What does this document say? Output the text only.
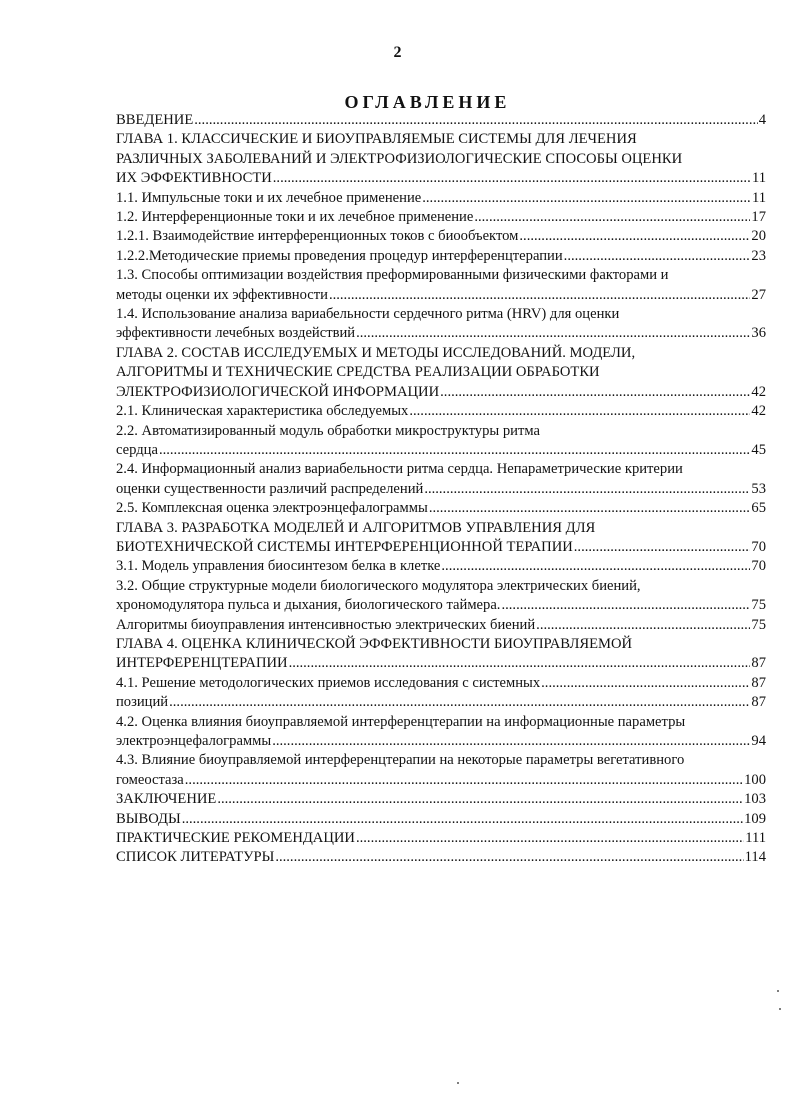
2
ОГЛАВЛЕНИЕ
ВВЕДЕНИЕ .....	4
ГЛАВА 1. КЛАССИЧЕСКИЕ И БИОУПРАВЛЯЕМЫЕ СИСТЕМЫ ДЛЯ ЛЕЧЕНИЯ
РАЗЛИЧНЫХ ЗАБОЛЕВАНИЙ И ЭЛЕКТРОФИЗИОЛОГИЧЕСКИЕ СПОСОБЫ ОЦЕНКИ
ИХ ЭФФЕКТИВНОСТИ .....	11
1.1. Импульсные токи и их лечебное применение .....	11
1.2. Интерференционные токи и их лечебное применение .....	17
1.2.1. Взаимодействие интерференционных токов с биообъектом .....	20
1.2.2.Методические приемы проведения процедур интерференцтерапии .....	23
1.3. Способы оптимизации воздействия преформированными физическими факторами и
методы оценки их эффективности .....	27
1.4. Использование анализа вариабельности сердечного ритма (HRV) для оценки
эффективности лечебных воздействий .....	36
ГЛАВА 2. СОСТАВ ИССЛЕДУЕМЫХ И МЕТОДЫ ИССЛЕДОВАНИЙ. МОДЕЛИ,
АЛГОРИТМЫ И ТЕХНИЧЕСКИЕ СРЕДСТВА РЕАЛИЗАЦИИ ОБРАБОТКИ
ЭЛЕКТРОФИЗИОЛОГИЧЕСКОЙ ИНФОРМАЦИИ .....	42
2.1. Клиническая характеристика обследуемых .....	42
2.2. Автоматизированный модуль обработки микроструктуры ритма
сердца .....	45
2.4. Информационный анализ вариабельности ритма сердца. Непараметрические критерии
оценки существенности различий распределений .....	53
2.5. Комплексная оценка электроэнцефалограммы .....	65
ГЛАВА 3. РАЗРАБОТКА МОДЕЛЕЙ И АЛГОРИТМОВ УПРАВЛЕНИЯ ДЛЯ
БИОТЕХНИЧЕСКОЙ СИСТЕМЫ ИНТЕРФЕРЕНЦИОННОЙ ТЕРАПИИ .....	70
3.1. Модель управления биосинтезом белка в клетке .....	70
3.2. Общие структурные модели биологического модулятора электрических биений,
хрономодулятора пульса и дыхания, биологического таймера. .....	75
Алгоритмы биоуправления интенсивностью электрических биений .....	75
ГЛАВА 4. ОЦЕНКА КЛИНИЧЕСКОЙ ЭФФЕКТИВНОСТИ БИОУПРАВЛЯЕМОЙ
ИНТЕРФЕРЕНЦТЕРАПИИ .....	87
4.1. Решение методологических приемов исследования с системных .....	87
позиций .....	87
4.2. Оценка влияния биоуправляемой интерференцтерапии на информационные параметры
электроэнцефалограммы .....	94
4.3. Влияние биоуправляемой интерференцтерапии на некоторые параметры вегетативного
гомеостаза .....	100
ЗАКЛЮЧЕНИЕ .....	103
ВЫВОДЫ .....	109
ПРАКТИЧЕСКИЕ РЕКОМЕНДАЦИИ .....	111
СПИСОК ЛИТЕРАТУРЫ .....	114
